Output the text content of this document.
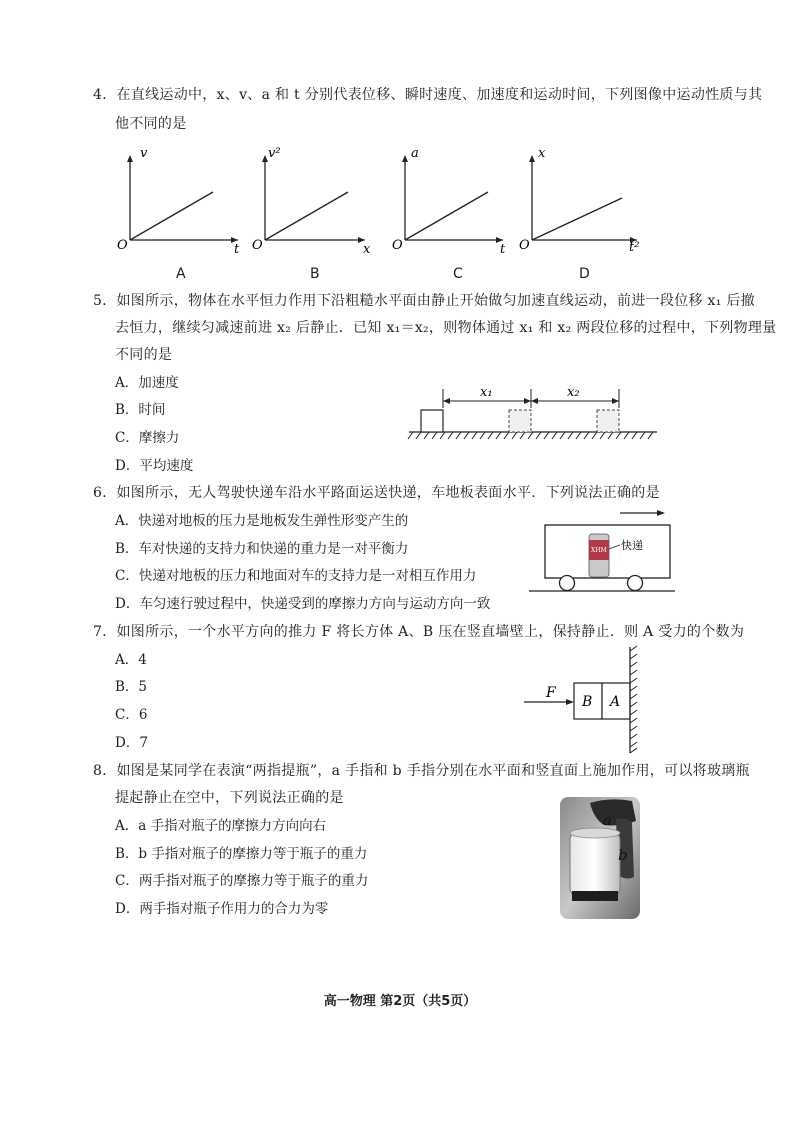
4．在直线运动中，x、v、a 和 t 分别代表位移、瞬时速度、加速度和运动时间，下列图像中运动性质与其
他不同的是
v
t
O
A
v²
x
O
B
a
t
O
C
x
t²
O
D
5．如图所示，物体在水平恒力作用下沿粗糙水平面由静止开始做匀加速直线运动，前进一段位移 x₁ 后撤
去恒力，继续匀减速前进 x₂ 后静止．已知 x₁＝x₂，则物体通过 x₁ 和 x₂ 两段位移的过程中，下列物理量
不同的是
A．加速度
B．时间
C．摩擦力
D．平均速度
x₁	x₂
6．如图所示，无人驾驶快递车沿水平路面运送快递，车地板表面水平．下列说法正确的是
A．快递对地板的压力是地板发生弹性形变产生的
B．车对快递的支持力和快递的重力是一对平衡力
C．快递对地板的压力和地面对车的支持力是一对相互作用力
D．车匀速行驶过程中，快递受到的摩擦力方向与运动方向一致
XHM 快递
7．如图所示，一个水平方向的推力 F 将长方体 A、B 压在竖直墙壁上，保持静止．则 A 受力的个数为
A．4
B．5
C．6
D．7
F
B A
8．如图是某同学在表演“两指提瓶”，a 手指和 b 手指分别在水平面和竖直面上施加作用，可以将玻璃瓶
提起静止在空中，下列说法正确的是
A．a 手指对瓶子的摩擦力方向向右
B．b 手指对瓶子的摩擦力等于瓶子的重力
C．两手指对瓶子的摩擦力等于瓶子的重力
D．两手指对瓶子作用力的合力为零
a
b
高一物理 第2页（共5页）
